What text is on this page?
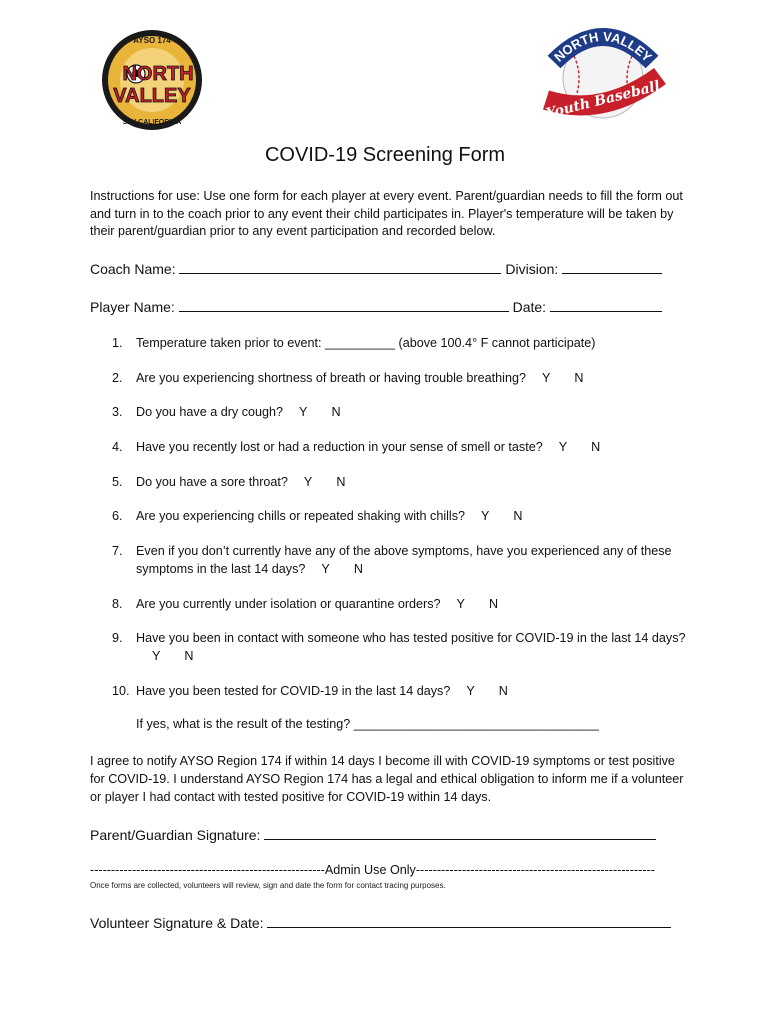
AYSO 174
NORTH
VALLEY
SFV CALIFORNIA
NORTH VALLEY
Youth Baseball
COVID-19 Screening Form
Instructions for use: Use one form for each player at every event. Parent/guardian needs to fill the form out and turn in to the coach prior to any event their child participates in. Player's temperature will be taken by their parent/guardian prior to any event participation and recorded below.
Coach Name:	Division:
Player Name:	Date:
1.	Temperature taken prior to event: __________ (above 100.4° F cannot participate)
2.	Are you experiencing shortness of breath or having trouble breathing? Y N
3.	Do you have a dry cough? Y N
4.	Have you recently lost or had a reduction in your sense of smell or taste? Y N
5.	Do you have a sore throat? Y N
6.	Are you experiencing chills or repeated shaking with chills? Y N
7.	Even if you don’t currently have any of the above symptoms, have you experienced any of these symptoms in the last 14 days? Y N
8.	Are you currently under isolation or quarantine orders? Y N
9.	Have you been in contact with someone who has tested positive for COVID-19 in the last 14 days?Y N
10. Have you been tested for COVID-19 in the last 14 days? Y N
If yes, what is the result of the testing? ___________________________________
I agree to notify AYSO Region 174 if within 14 days I become ill with COVID-19 symptoms or test positive for COVID-19. I understand AYSO Region 174 has a legal and ethical obligation to inform me if a volunteer or player I had contact with tested positive for COVID-19 within 14 days.
Parent/Guardian Signature:
--------------------------------------------------------Admin Use Only---------------------------------------------------------
Once forms are collected, volunteers will review, sign and date the form for contact tracing purposes.
Volunteer Signature & Date:
